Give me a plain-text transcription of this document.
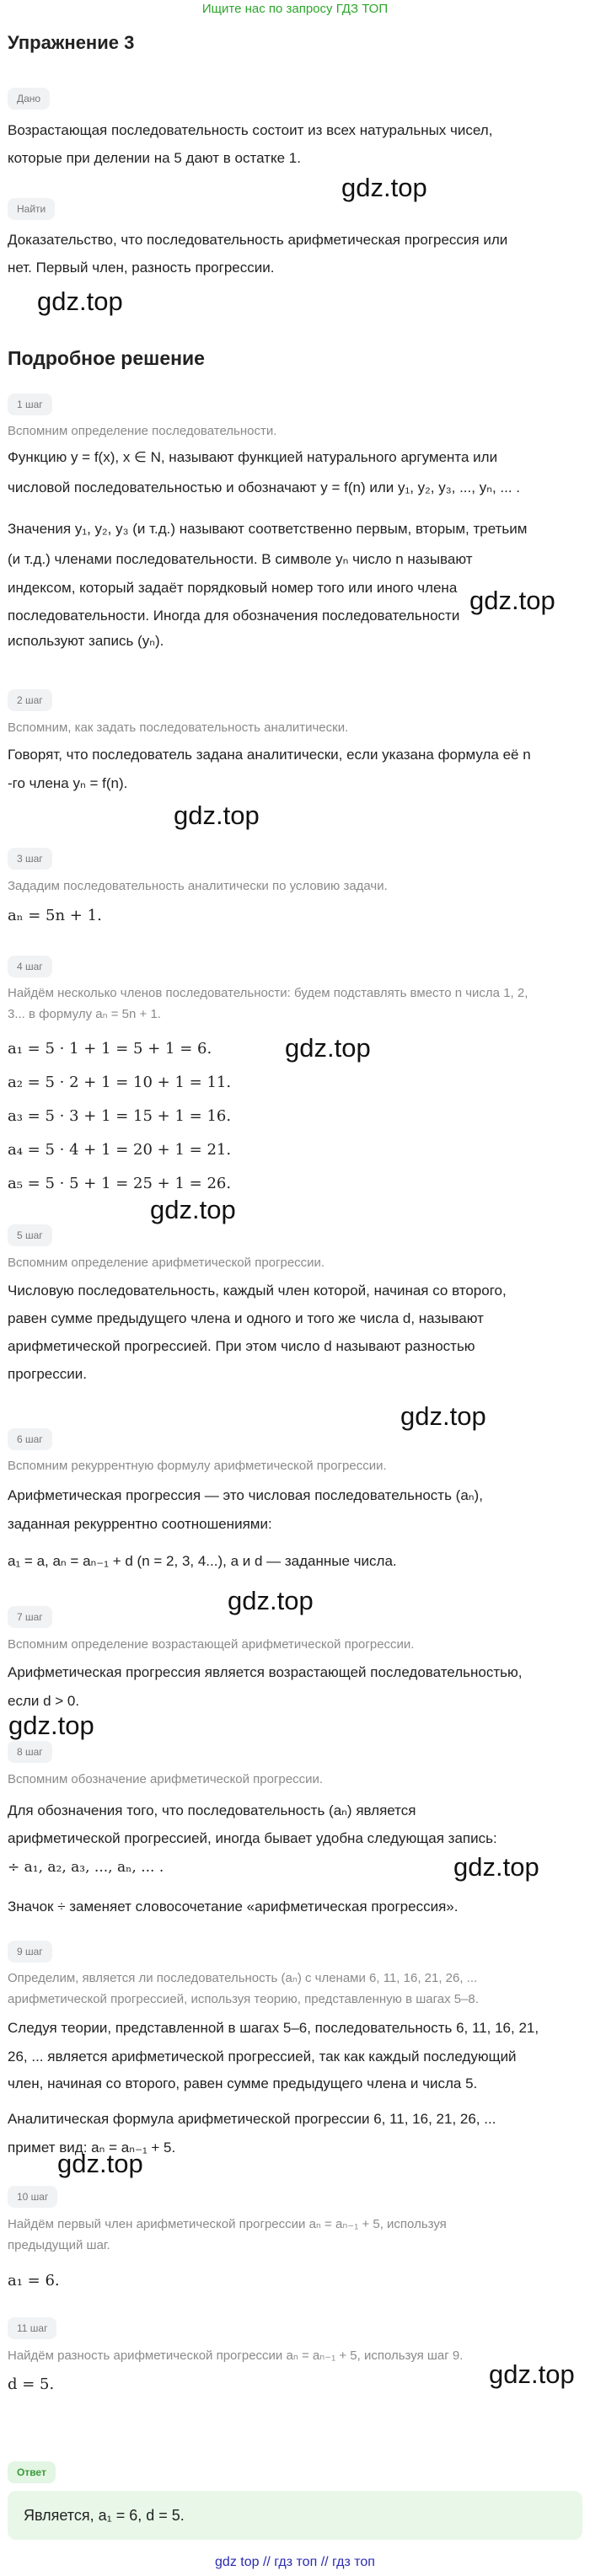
Ищите нас по запросу ГДЗ ТОП
Упражнение 3
Дано
Возрастающая последовательность состоит из всех натуральных чисел,
которые при делении на 5 дают в остатке 1.
gdz.top
Найти
Доказательство, что последовательность арифметическая прогрессия или
нет. Первый член, разность прогрессии.
gdz.top
Подробное решение
1 шаг
Вспомним определение последовательности.
Функцию y = f(x), x ∈ N, называют функцией натурального аргумента или
числовой последовательностью и обозначают y = f(n) или y₁, y₂, y₃, ..., yₙ, ... .
Значения y₁, y₂, y₃ (и т.д.) называют соответственно первым, вторым, третьим
(и т.д.) членами последовательности. В символе yₙ число n называют
индексом, который задаёт порядковый номер того или иного члена
последовательности. Иногда для обозначения последовательности
используют запись (yₙ).
gdz.top
2 шаг
Вспомним, как задать последовательность аналитически.
Говорят, что последователь задана аналитически, если указана формула её n
-го члена yₙ = f(n).
gdz.top
3 шаг
Зададим последовательность аналитически по условию задачи.
aₙ = 5n + 1.
4 шаг
Найдём несколько членов последовательности: будем подставлять вместо n числа 1, 2,
3... в формулу aₙ = 5n + 1.
a₁ = 5 · 1 + 1 = 5 + 1 = 6.
a₂ = 5 · 2 + 1 = 10 + 1 = 11.
a₃ = 5 · 3 + 1 = 15 + 1 = 16.
a₄ = 5 · 4 + 1 = 20 + 1 = 21.
a₅ = 5 · 5 + 1 = 25 + 1 = 26.
gdz.top
gdz.top
5 шаг
Вспомним определение арифметической прогрессии.
Числовую последовательность, каждый член которой, начиная со второго,
равен сумме предыдущего члена и одного и того же числа d, называют
арифметической прогрессией. При этом число d называют разностью
прогрессии.
gdz.top
6 шаг
Вспомним рекуррентную формулу арифметической прогрессии.
Арифметическая прогрессия — это числовая последовательность (aₙ),
заданная рекуррентно соотношениями:
a₁ = a, aₙ = aₙ₋₁ + d (n = 2, 3, 4...), a и d — заданные числа.
gdz.top
7 шаг
Вспомним определение возрастающей арифметической прогрессии.
Арифметическая прогрессия является возрастающей последовательностью,
если d > 0.
gdz.top
8 шаг
Вспомним обозначение арифметической прогрессии.
Для обозначения того, что последовательность (aₙ) является
арифметической прогрессией, иногда бывает удобна следующая запись:
÷ a₁, a₂, a₃, ..., aₙ, ... .
Значок ÷ заменяет словосочетание «арифметическая прогрессия».
gdz.top
9 шаг
Определим, является ли последовательность (aₙ) с членами 6, 11, 16, 21, 26, ...
арифметической прогрессией, используя теорию, представленную в шагах 5–8.
Следуя теории, представленной в шагах 5–6, последовательность 6, 11, 16, 21,
26, ... является арифметической прогрессией, так как каждый последующий
член, начиная со второго, равен сумме предыдущего члена и числа 5.
Аналитическая формула арифметической прогрессии 6, 11, 16, 21, 26, ...
примет вид: aₙ = aₙ₋₁ + 5.
gdz.top
10 шаг
Найдём первый член арифметической прогрессии aₙ = aₙ₋₁ + 5, используя
предыдущий шаг.
a₁ = 6.
11 шаг
Найдём разность арифметической прогрессии aₙ = aₙ₋₁ + 5, используя шаг 9.
d = 5.	gdz.top
Ответ
Является, a₁ = 6, d = 5.
gdz top // гдз топ // гдз топ
